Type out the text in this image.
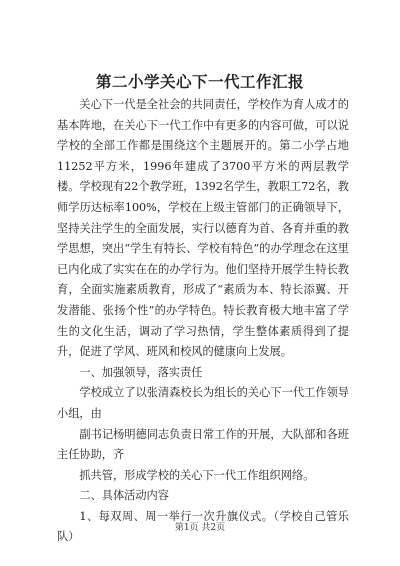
第二小学关心下一代工作汇报

关心下一代是全社会的共同责任，学校作为育人成才的基本阵地，在关心下一代工作中有更多的内容可做，可以说学校的全部工作都是围绕这个主题展开的。第二小学占地11252平方米，1996年建成了3700平方米的两层教学楼。学校现有22个教学班，1392名学生，教职工72名，教师学历达标率100%，学校在上级主管部门的正确领导下，坚持关注学生的全面发展，实行以德育为首、各育并重的教学思想，突出“学生有特长、学校有特色”的办学理念在这里已内化成了实实在在的办学行为。他们坚持开展学生特长教育，全面实施素质教育，形成了“素质为本、特长添翼、开发潜能、张扬个性”的办学特色。特长教育极大地丰富了学生的文化生活，调动了学习热情，学生整体素质得到了提升，促进了学风、班风和校风的健康向上发展。

一、加强领导，落实责任

学校成立了以张清森校长为组长的关心下一代工作领导小组，由

副书记杨明德同志负责日常工作的开展，大队部和各班主任协助，齐

抓共管，形成学校的关心下一代工作组织网络。

二、具体活动内容

1、每双周、周一举行一次升旗仪式。（学校自己管乐队）

第1页 共2页
